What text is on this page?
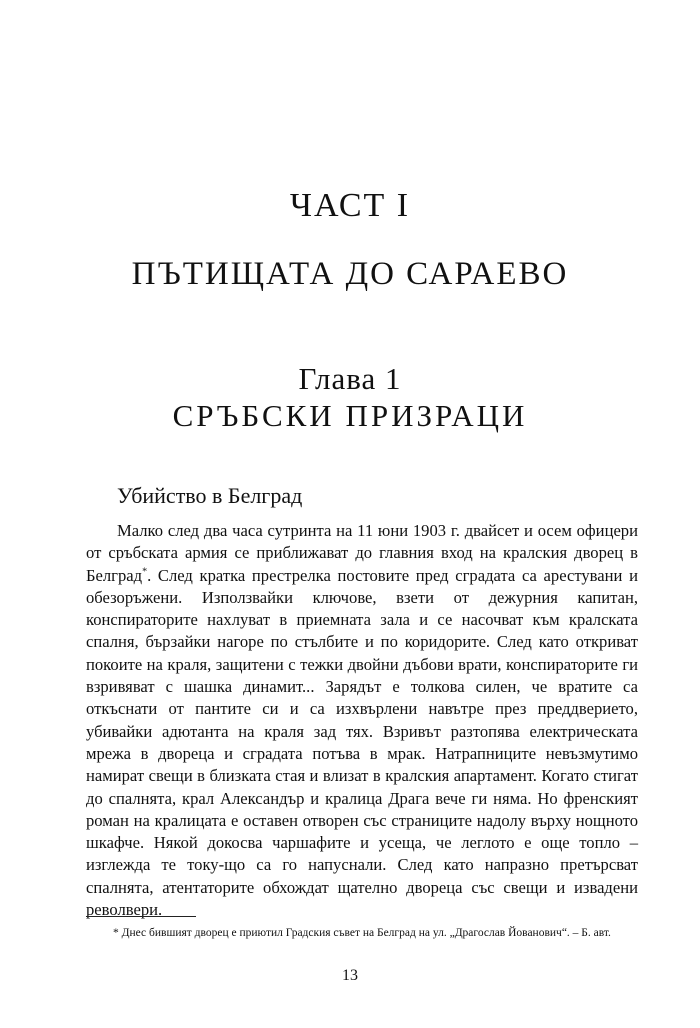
ЧАСТ I
ПЪТИЩАТА ДО САРАЕВО
Глава 1
СРЪБСКИ ПРИЗРАЦИ
Убийство в Белград

Малко след два часа сутринта на 11 юни 1903 г. двайсет и осем офицери от сръбската армия се приближават до главния вход на кралския дворец в Белград*. След кратка престрелка постовите пред сградата са арестувани и обезоръжени. Използвайки ключове, взети от дежурния капитан, конспираторите нахлуват в приемната зала и се насочват към кралската спалня, бързайки нагоре по стълбите и по коридорите. След като откриват покоите на краля, защитени с тежки двойни дъбови врати, конспираторите ги взривяват с шашка динамит... Зарядът е толкова силен, че вратите са откъснати от пантите си и са изхвърлени навътре през преддверието, убивайки адютанта на краля зад тях. Взривът разтопява електрическата мрежа в двореца и сградата потъва в мрак. Натрапниците невъзмутимо намират свещи в близката стая и влизат в кралския апартамент. Когато стигат до спалнята, крал Александър и кралица Драга вече ги няма. Но френският роман на кралицата е оставен отворен със страниците надолу върху нощното шкафче. Някой докосва чаршафите и усеща, че леглото е още топло – изглежда те току-що са го напуснали. След като напразно претърсват спалнята, атентаторите обхождат щателно двореца със свещи и извадени револвери.

* Днес бившият дворец е приютил Градския съвет на Белград на ул. „Драгослав Йованович“. – Б. авт.
13
